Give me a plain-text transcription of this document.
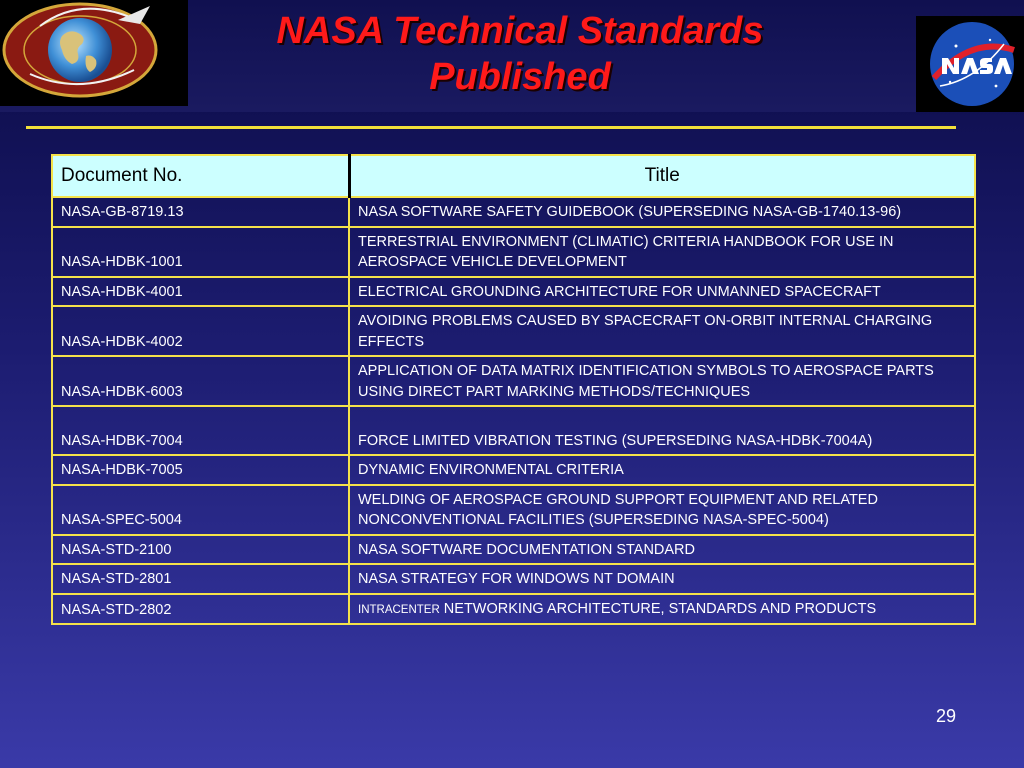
NASA Technical Standards Published
Document No.	Title
NASA-GB-8719.13	NASA SOFTWARE SAFETY GUIDEBOOK (SUPERSEDING NASA-GB-1740.13-96)
NASA-HDBK-1001	TERRESTRIAL ENVIRONMENT (CLIMATIC) CRITERIA HANDBOOK FOR USE IN AEROSPACE VEHICLE DEVELOPMENT
NASA-HDBK-4001	ELECTRICAL GROUNDING ARCHITECTURE FOR UNMANNED SPACECRAFT
NASA-HDBK-4002	AVOIDING PROBLEMS CAUSED BY SPACECRAFT ON-ORBIT INTERNAL CHARGING EFFECTS
NASA-HDBK-6003	APPLICATION OF DATA MATRIX IDENTIFICATION SYMBOLS TO AEROSPACE PARTS USING DIRECT PART MARKING METHODS/TECHNIQUES
NASA-HDBK-7004	FORCE LIMITED VIBRATION TESTING (SUPERSEDING NASA-HDBK-7004A)
NASA-HDBK-7005	DYNAMIC ENVIRONMENTAL CRITERIA
NASA-SPEC-5004	WELDING OF AEROSPACE GROUND SUPPORT EQUIPMENT AND RELATED NONCONVENTIONAL FACILITIES (SUPERSEDING NASA-SPEC-5004)
NASA-STD-2100	NASA SOFTWARE DOCUMENTATION STANDARD
NASA-STD-2801	NASA STRATEGY FOR WINDOWS NT DOMAIN
NASA-STD-2802	INTRACENTER NETWORKING ARCHITECTURE, STANDARDS AND PRODUCTS
29
